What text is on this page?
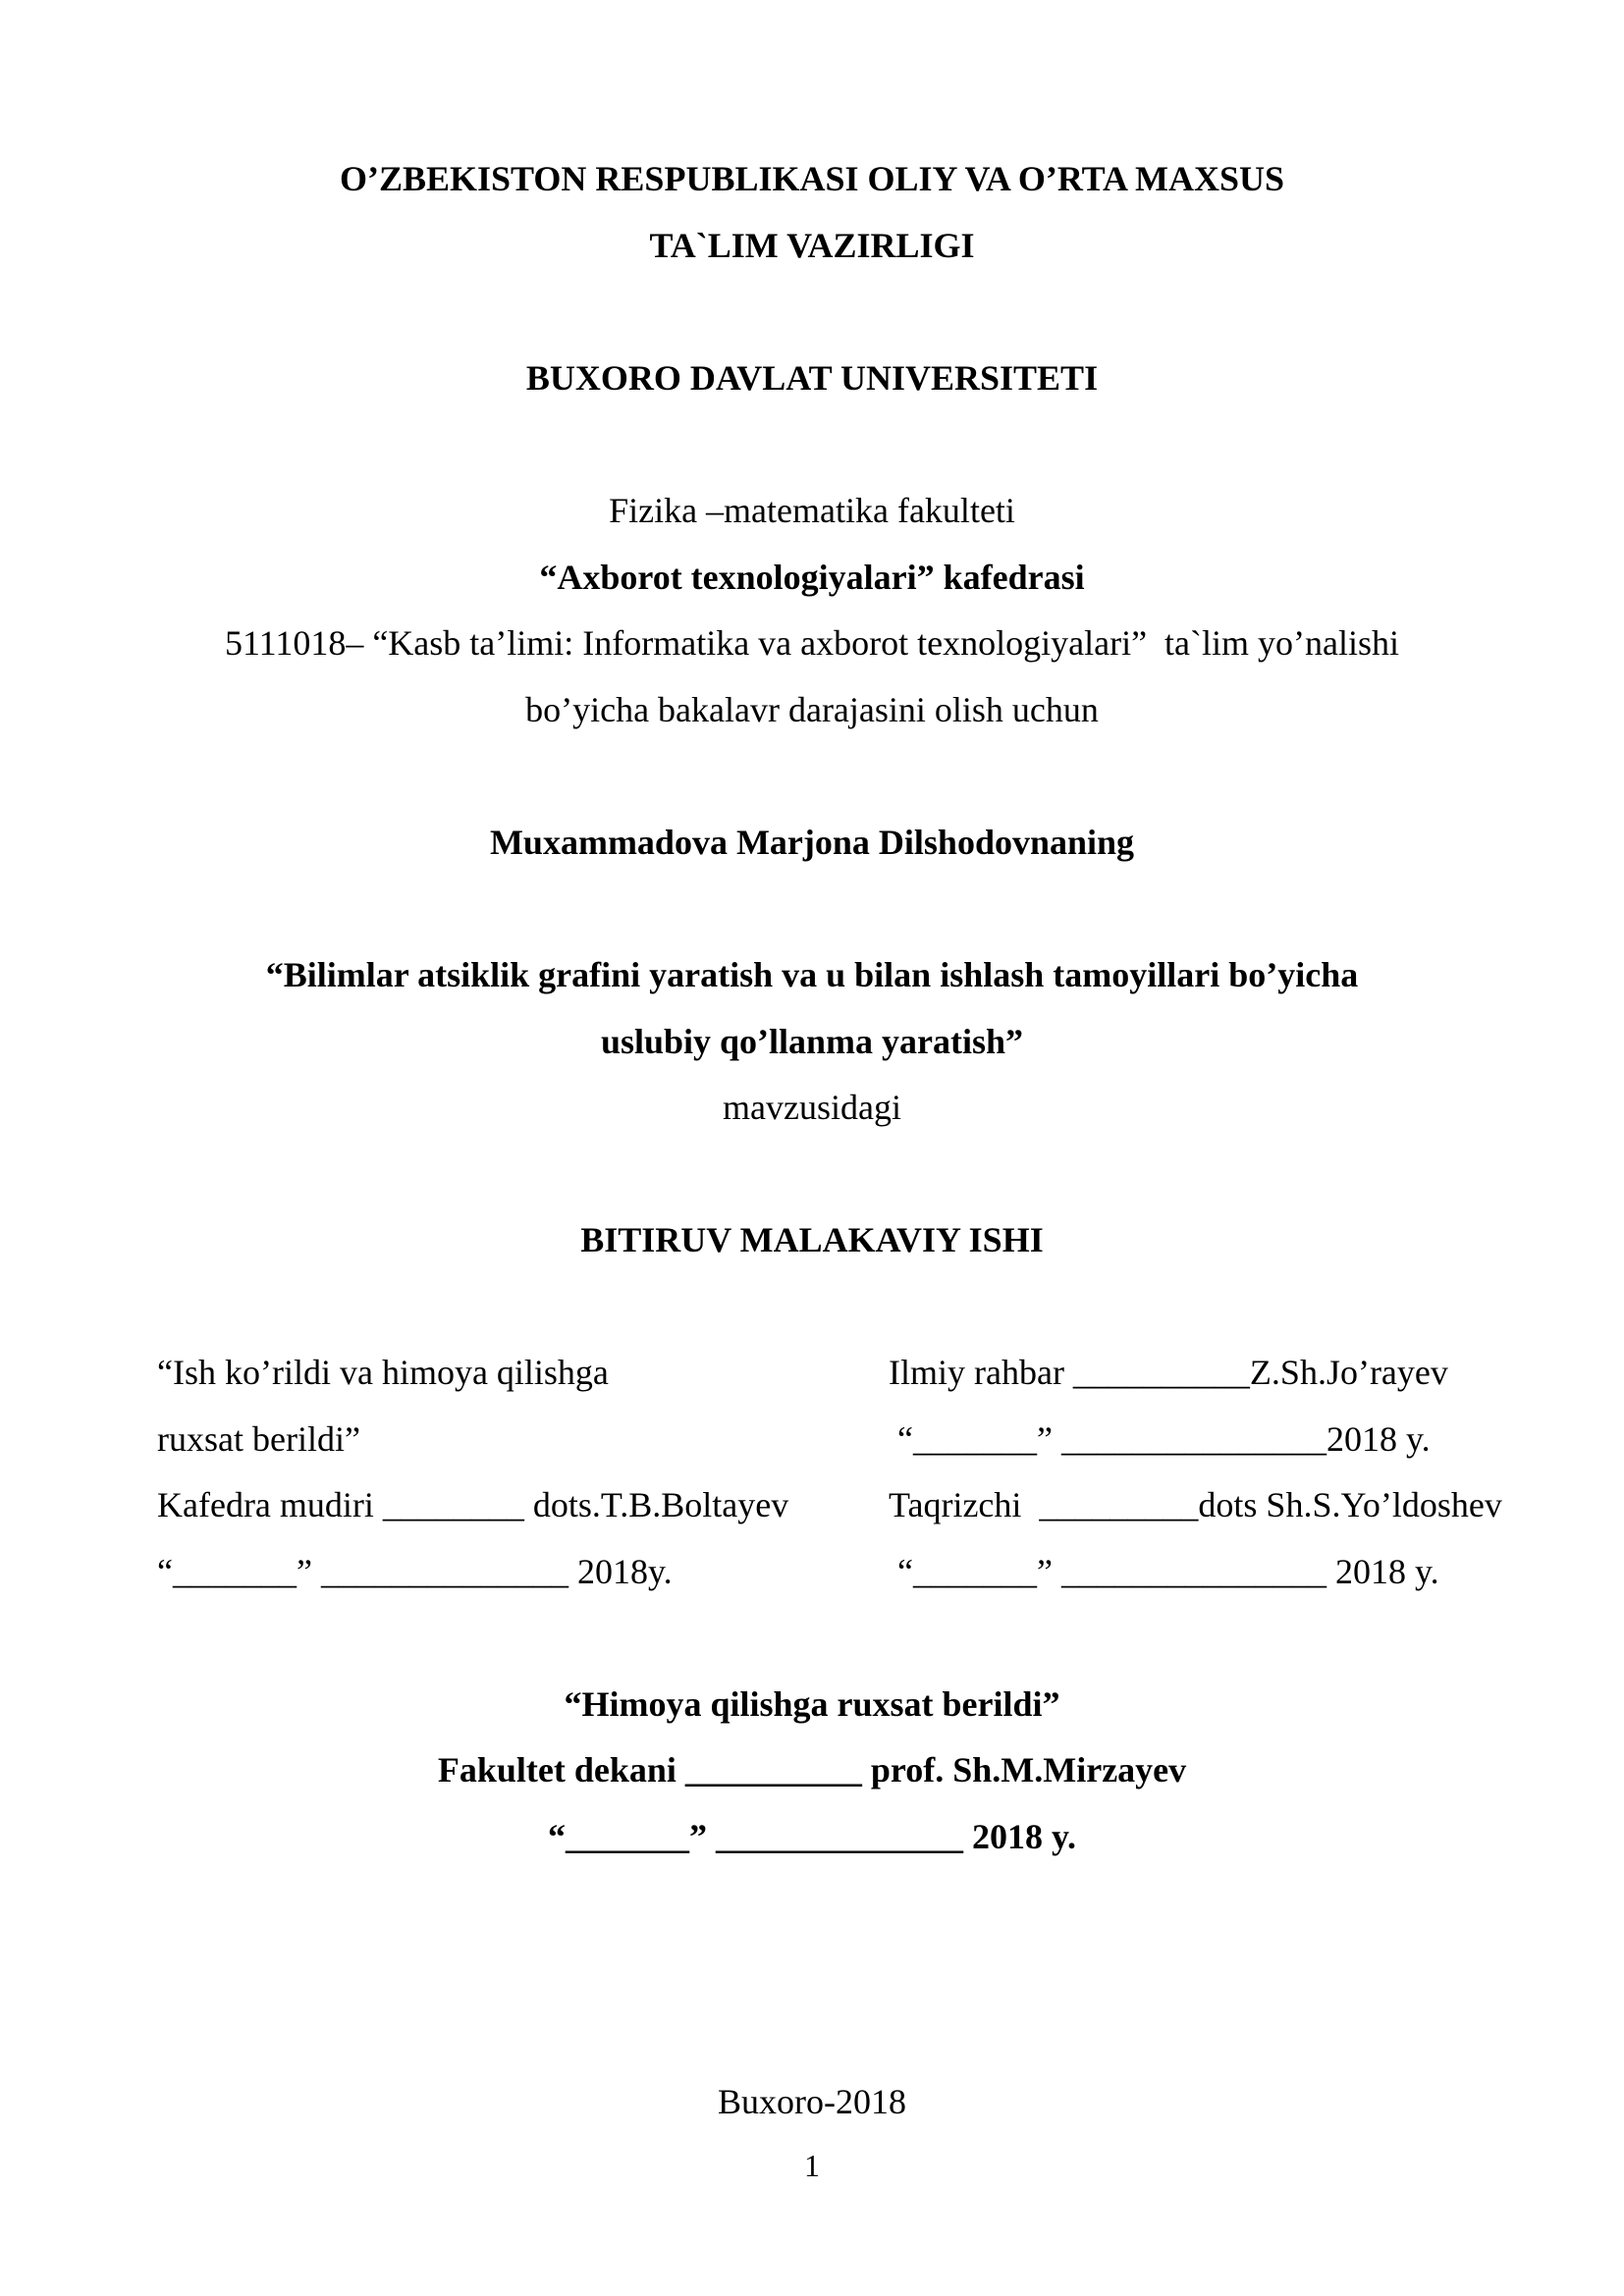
O’ZBEKISTON RESPUBLIKASI OLIY VA O’RTA MAXSUS
TA`LIM VAZIRLIGI
BUXORO DAVLAT UNIVERSITETI
Fizika –matematika fakulteti
“Axborot texnologiyalari” kafedrasi
5111018– “Kasb ta’limi: Informatika va axborot texnologiyalari”  ta`lim yo’nalishi
bo’yicha bakalavr darajasini olish uchun
Muxammadova Marjona Dilshodovnaning
“Bilimlar atsiklik grafini yaratish va u bilan ishlash tamoyillari bo’yicha
uslubiy qo’llanma yaratish”
mavzusidagi
BITIRUV MALAKAVIY ISHI
“Ish ko’rildi va himoya qilishga
ruxsat berildi”
Kafedra mudiri ________ dots.T.B.Boltayev
“_______” ______________ 2018y.
Ilmiy rahbar __________Z.Sh.Jo’rayev
“_______” _______________2018 y.
Taqrizchi  _________dots Sh.S.Yo’ldoshev
“_______” _______________ 2018 y.
“Himoya qilishga ruxsat berildi”
Fakultet dekani __________ prof. Sh.M.Mirzayev
“_______” ______________ 2018 y.
Buxoro-2018
1
